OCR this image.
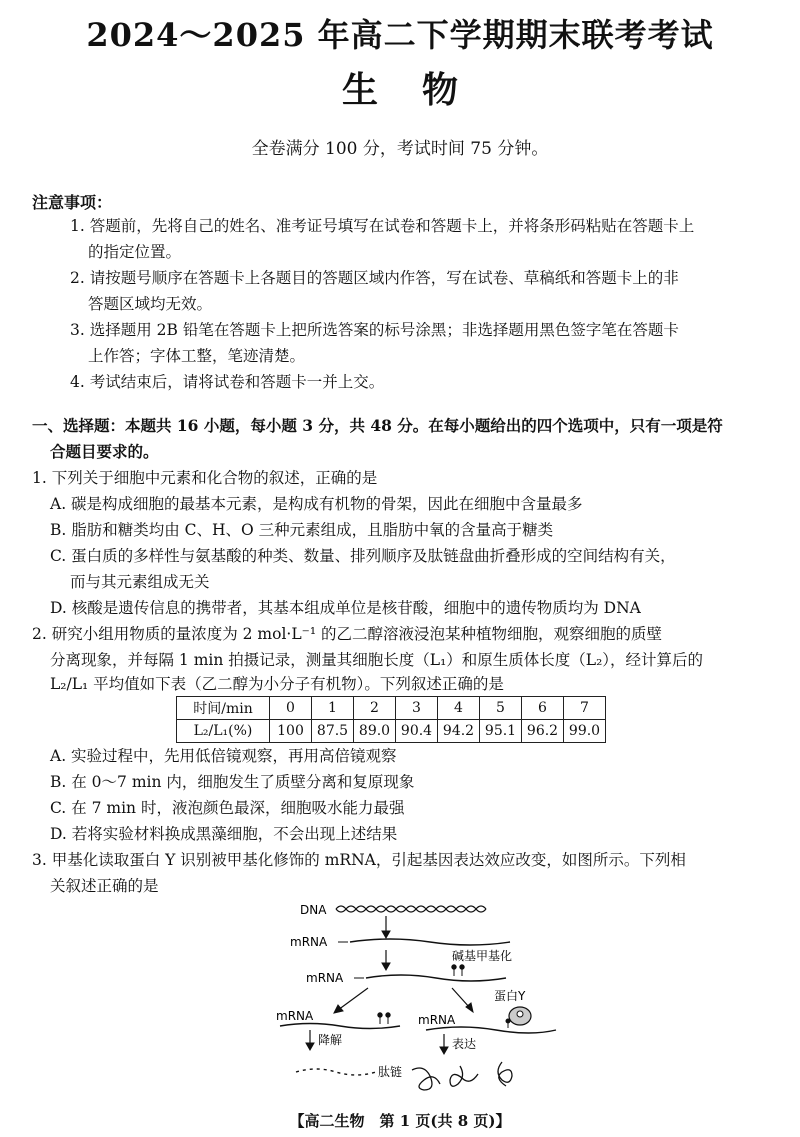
2024～2025 年高二下学期期末联考考试
生物
全卷满分 100 分，考试时间 75 分钟。
注意事项：
1. 答题前，先将自己的姓名、准考证号填写在试卷和答题卡上，并将条形码粘贴在答题卡上
的指定位置。
2. 请按题号顺序在答题卡上各题目的答题区域内作答，写在试卷、草稿纸和答题卡上的非
答题区域均无效。
3. 选择题用 2B 铅笔在答题卡上把所选答案的标号涂黑；非选择题用黑色签字笔在答题卡
上作答；字体工整，笔迹清楚。
4. 考试结束后，请将试卷和答题卡一并上交。
一、选择题：本题共 16 小题，每小题 3 分，共 48 分。在每小题给出的四个选项中，只有一项是符
合题目要求的。
1. 下列关于细胞中元素和化合物的叙述，正确的是
A. 碳是构成细胞的最基本元素，是构成有机物的骨架，因此在细胞中含量最多
B. 脂肪和糖类均由 C、H、O 三种元素组成，且脂肪中氧的含量高于糖类
C. 蛋白质的多样性与氨基酸的种类、数量、排列顺序及肽链盘曲折叠形成的空间结构有关，
而与其元素组成无关
D. 核酸是遗传信息的携带者，其基本组成单位是核苷酸，细胞中的遗传物质均为 DNA
2. 研究小组用物质的量浓度为 2 mol·L⁻¹ 的乙二醇溶液浸泡某种植物细胞，观察细胞的质壁
分离现象，并每隔 1 min 拍摄记录，测量其细胞长度（L₁）和原生质体长度（L₂），经计算后的
L₂/L₁ 平均值如下表（乙二醇为小分子有机物）。下列叙述正确的是
时间/min	0	1	2	3	4	5	6	7
L₂/L₁(%)	100	87.5	89.0	90.4	94.2	95.1	96.2	99.0
A. 实验过程中，先用低倍镜观察，再用高倍镜观察
B. 在 0～7 min 内，细胞发生了质壁分离和复原现象
C. 在 7 min 时，液泡颜色最深，细胞吸水能力最强
D. 若将实验材料换成黑藻细胞，不会出现上述结果
3. 甲基化读取蛋白 Y 识别被甲基化修饰的 mRNA，引起基因表达效应改变，如图所示。下列相
关叙述正确的是
DNA
mRNA
碱基甲基化
mRNA
mRNA
降解
蛋白Y
mRNA
表达
肽链
【高二生物　第 1 页(共 8 页)】
